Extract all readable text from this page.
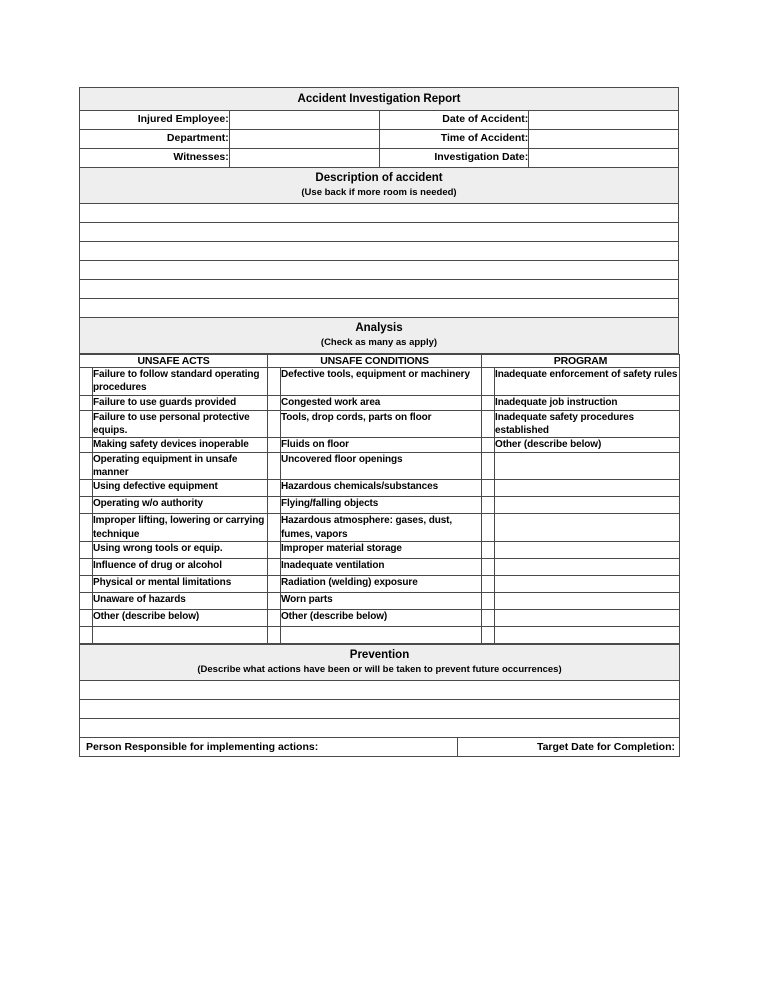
Accident Investigation Report			

Injured Employee:		Date of Accident:	
Department:		Time of Accident:	
Witnesses:		Investigation Date:	

Description of accident
(Use back if more room is needed)			

Analysis
(Check as many as apply)			
UNSAFE ACTS		UNSAFE CONDITIONS		PROGRAM	

	Failure to follow standard operating procedures		Defective tools, equipment or machinery		Inadequate enforcement of safety rules

	Failure to use guards provided		Congested work area		Inadequate job instruction

	Failure to use personal protective equips.		Tools, drop cords, parts on floor		Inadequate safety procedures established

	Making safety devices inoperable		Fluids on floor		Other (describe below)

	Operating equipment in unsafe manner		Uncovered floor openings	

	Using defective equipment		Hazardous chemicals/substances	

	Operating w/o authority		Flying/falling objects	

	Improper lifting, lowering or carrying technique		Hazardous atmosphere: gases, dust, fumes, vapors	

	Using wrong tools or equip.		Improper material storage	

	Influence of drug or alcohol		Inadequate ventilation	

	Physical or mental limitations		Radiation (welding) exposure	

	Unaware of hazards		Worn parts	

	Other (describe below)		Other (describe below)	

Prevention
(Describe what actions have been or will be taken to prevent future occurrences)

Person Responsible for implementing actions:	Target Date for Completion:
